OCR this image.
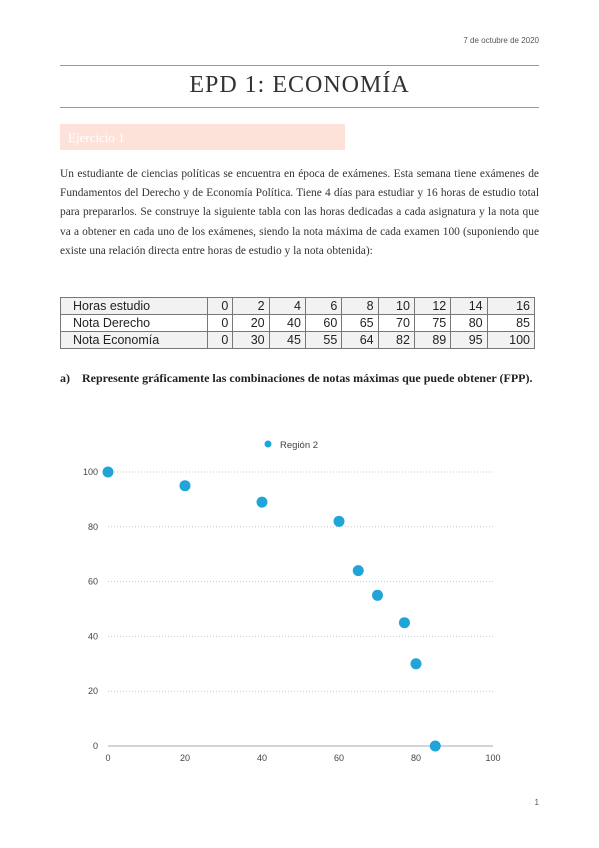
7 de octubre de 2020
EPD 1: ECONOMÍA
Ejercicio 1
Un estudiante de ciencias políticas se encuentra en época de exámenes. Esta semana tiene exámenes de Fundamentos del Derecho y de Economía Política. Tiene 4 días para estudiar y 16 horas de estudio total para prepararlos. Se construye la siguiente tabla con las horas dedicadas a cada asignatura y la nota que va a obtener en cada uno de los exámenes, siendo la nota máxima de cada examen 100 (suponiendo que existe una relación directa entre horas de estudio y la nota obtenida):
Horas estudio	0	2	4	6	8	10	12	14	16
Nota Derecho	0	20	40	60	65	70	75	80	85
Nota Economía	0	30	45	55	64	82	89	95	100
a)	Represente gráficamente las combinaciones de notas máximas que puede obtener (FPP).
0
20
40
60
80
100
0	20	40	60	80	100
Región 2
1
